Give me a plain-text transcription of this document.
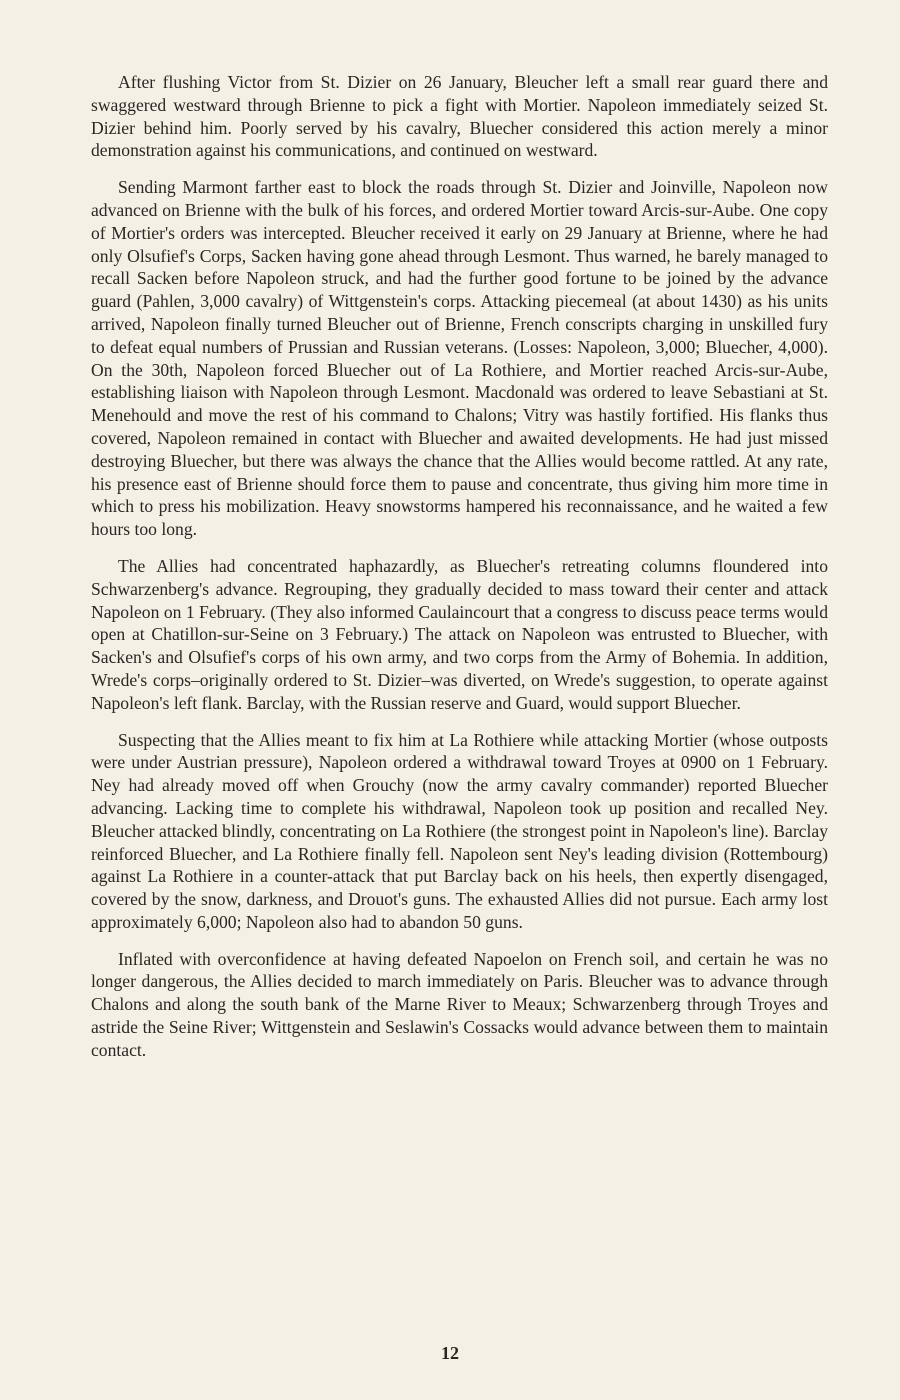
After flushing Victor from St. Dizier on 26 January, Bleucher left a small rear guard there and swaggered westward through Brienne to pick a fight with Mortier. Napoleon immediately seized St. Dizier behind him. Poorly served by his cavalry, Bluecher considered this action merely a minor demonstration against his communications, and continued on westward.

Sending Marmont farther east to block the roads through St. Dizier and Joinville, Napoleon now advanced on Brienne with the bulk of his forces, and ordered Mortier toward Arcis-sur-Aube. One copy of Mortier's orders was intercepted. Bleucher received it early on 29 January at Brienne, where he had only Olsufief's Corps, Sacken having gone ahead through Lesmont. Thus warned, he barely managed to recall Sacken before Napoleon struck, and had the further good fortune to be joined by the advance guard (Pahlen, 3,000 cavalry) of Wittgenstein's corps. Attacking piecemeal (at about 1430) as his units arrived, Napoleon finally turned Bleucher out of Brienne, French conscripts charging in unskilled fury to defeat equal numbers of Prussian and Russian veterans. (Losses: Napoleon, 3,000; Bluecher, 4,000). On the 30th, Napoleon forced Bluecher out of La Rothiere, and Mortier reached Arcis-sur-Aube, establishing liaison with Napoleon through Lesmont. Macdonald was ordered to leave Sebastiani at St. Menehould and move the rest of his command to Chalons; Vitry was hastily fortified. His flanks thus covered, Napoleon remained in contact with Bluecher and awaited developments. He had just missed destroying Bluecher, but there was always the chance that the Allies would become rattled. At any rate, his presence east of Brienne should force them to pause and concentrate, thus giving him more time in which to press his mobilization. Heavy snowstorms hampered his reconnaissance, and he waited a few hours too long.

The Allies had concentrated haphazardly, as Bluecher's retreating columns floundered into Schwarzenberg's advance. Regrouping, they gradually decided to mass toward their center and attack Napoleon on 1 February. (They also informed Caulaincourt that a congress to discuss peace terms would open at Chatillon-sur-Seine on 3 February.) The attack on Napoleon was entrusted to Bluecher, with Sacken's and Olsufief's corps of his own army, and two corps from the Army of Bohemia. In addition, Wrede's corps–originally ordered to St. Dizier–was diverted, on Wrede's suggestion, to operate against Napoleon's left flank. Barclay, with the Russian reserve and Guard, would support Bluecher.

Suspecting that the Allies meant to fix him at La Rothiere while attacking Mortier (whose outposts were under Austrian pressure), Napoleon ordered a withdrawal toward Troyes at 0900 on 1 February. Ney had already moved off when Grouchy (now the army cavalry commander) reported Bluecher advancing. Lacking time to complete his withdrawal, Napoleon took up position and recalled Ney. Bleucher attacked blindly, concentrating on La Rothiere (the strongest point in Napoleon's line). Barclay reinforced Bluecher, and La Rothiere finally fell. Napoleon sent Ney's leading division (Rottembourg) against La Rothiere in a counter-attack that put Barclay back on his heels, then expertly disengaged, covered by the snow, darkness, and Drouot's guns. The exhausted Allies did not pursue. Each army lost approximately 6,000; Napoleon also had to abandon 50 guns.

Inflated with overconfidence at having defeated Napoelon on French soil, and certain he was no longer dangerous, the Allies decided to march immediately on Paris. Bleucher was to advance through Chalons and along the south bank of the Marne River to Meaux; Schwarzenberg through Troyes and astride the Seine River; Wittgenstein and Seslawin's Cossacks would advance between them to maintain contact.

12
